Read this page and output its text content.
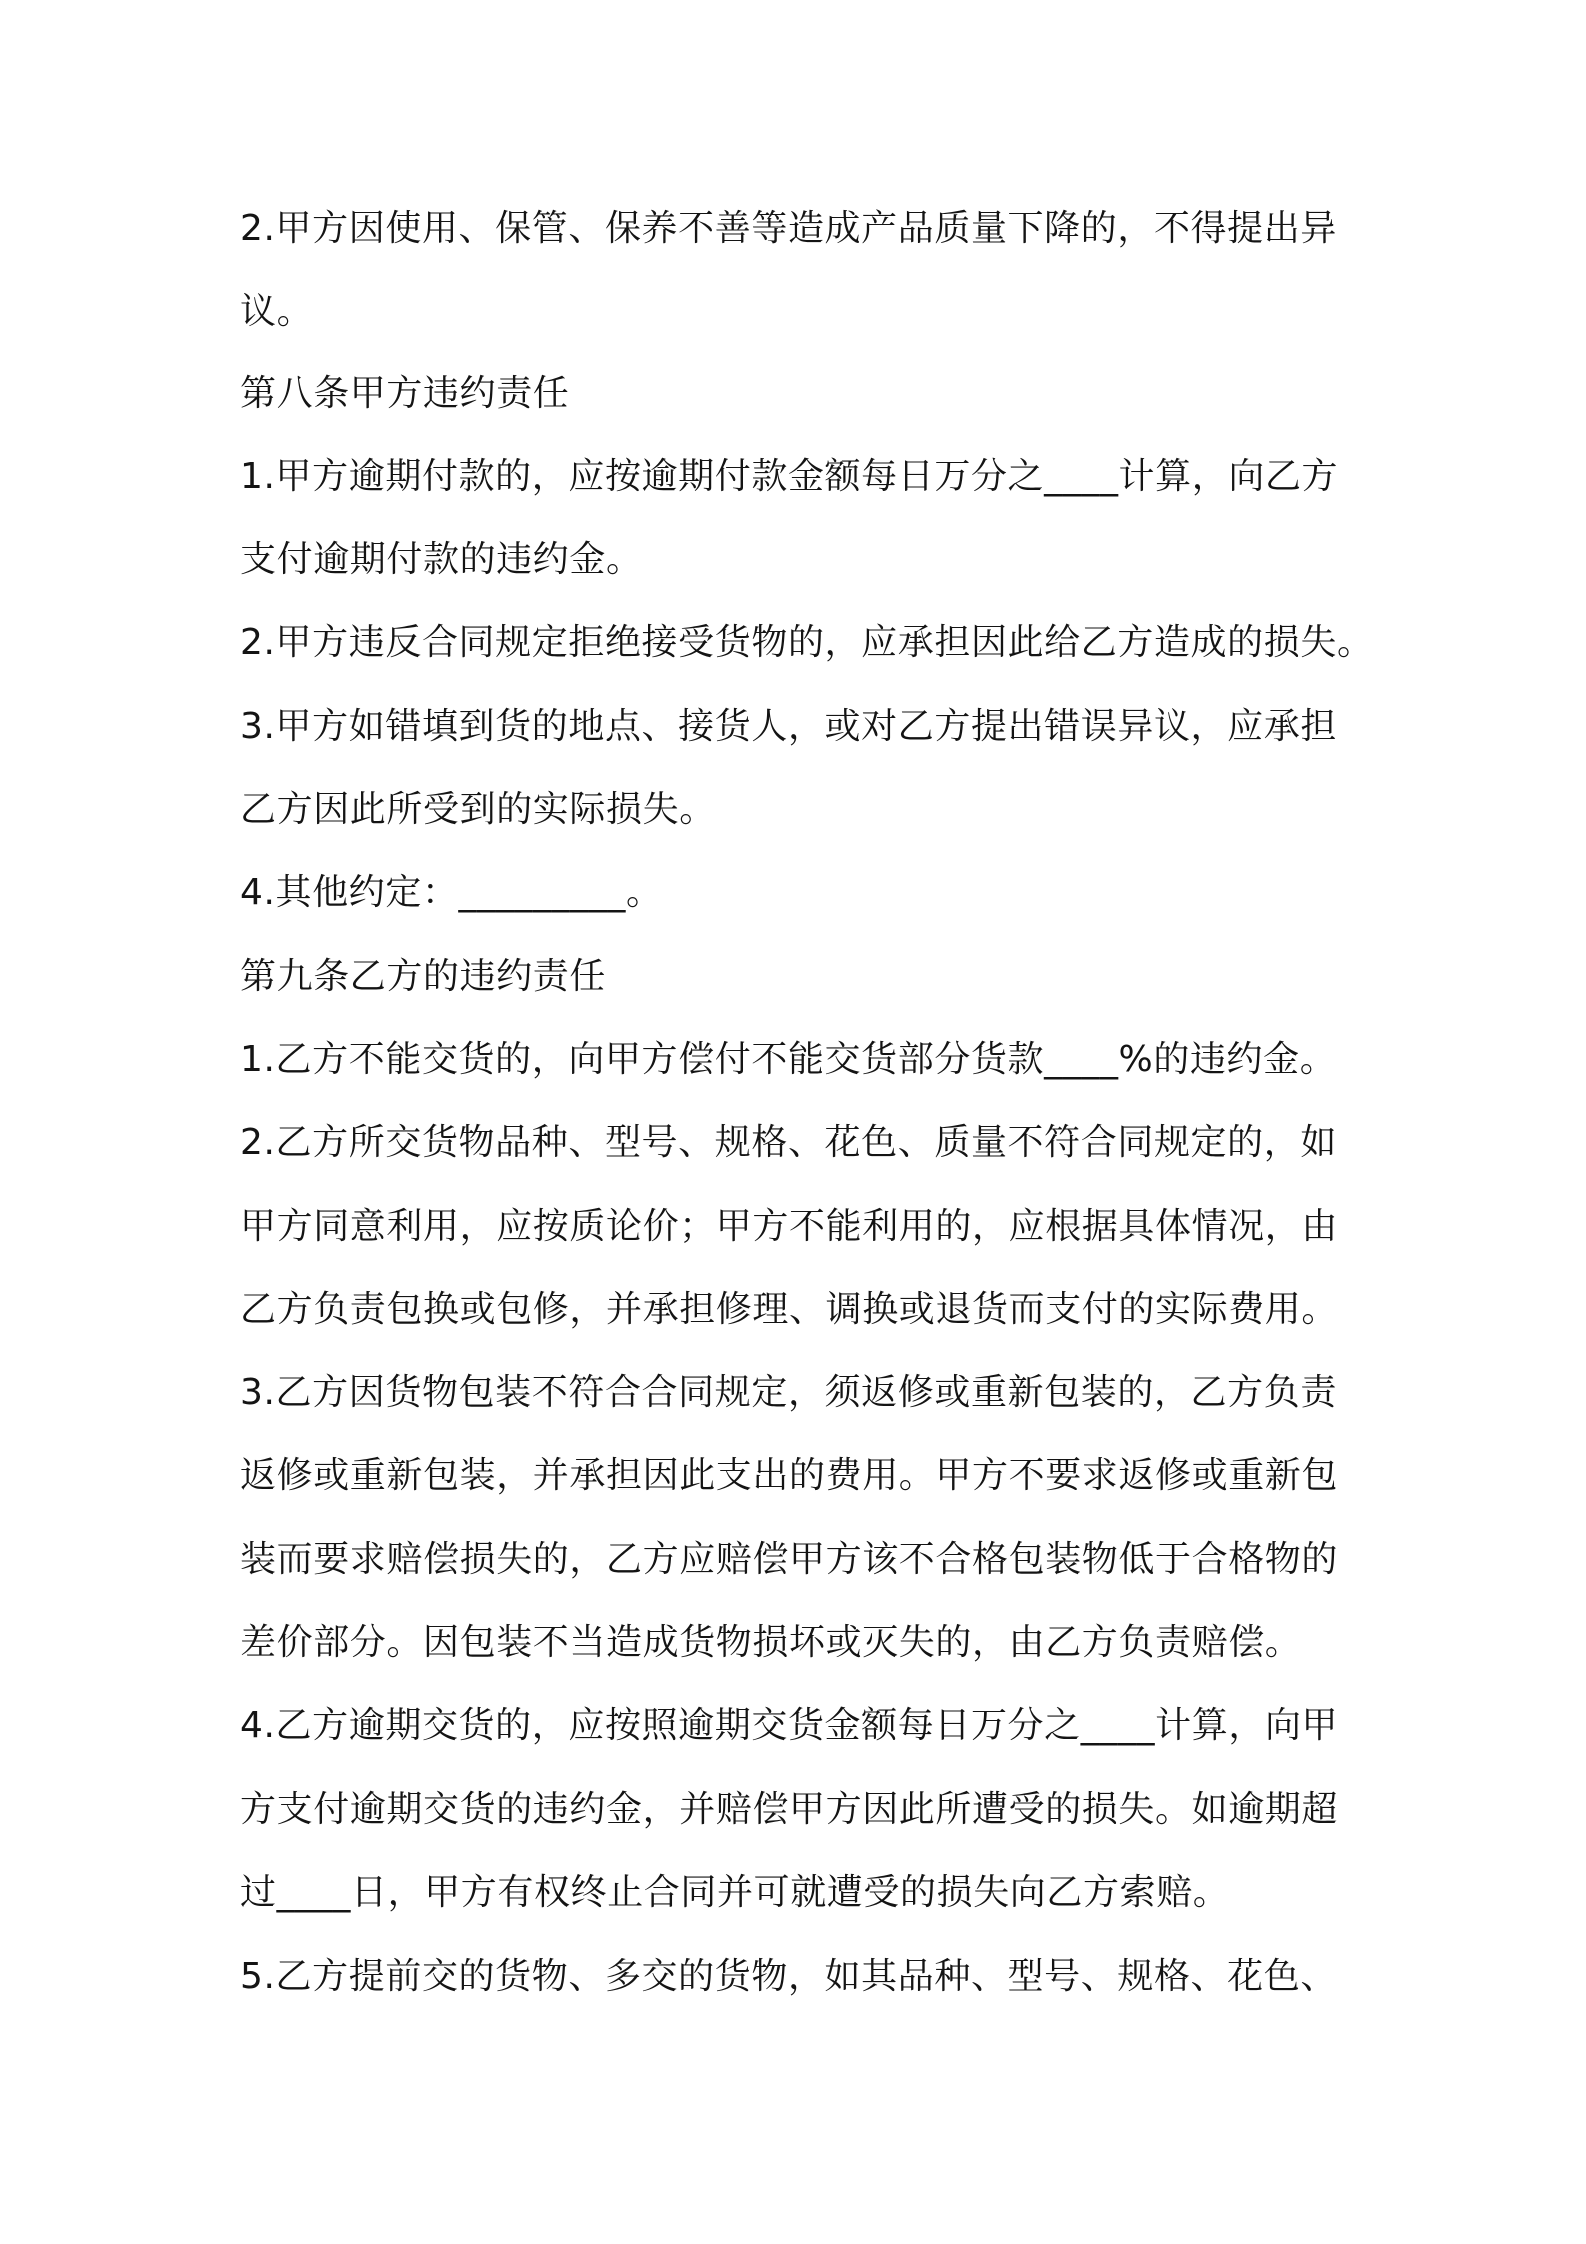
2.甲方因使用、保管、保养不善等造成产品质量下降的，不得提出异
议。
第八条甲方违约责任
1.甲方逾期付款的，应按逾期付款金额每日万分之____计算，向乙方
支付逾期付款的违约金。
2.甲方违反合同规定拒绝接受货物的，应承担因此给乙方造成的损失。
3.甲方如错填到货的地点、接货人，或对乙方提出错误异议，应承担
乙方因此所受到的实际损失。
4.其他约定：_________。
第九条乙方的违约责任
1.乙方不能交货的，向甲方偿付不能交货部分货款____%的违约金。
2.乙方所交货物品种、型号、规格、花色、质量不符合同规定的，如
甲方同意利用，应按质论价；甲方不能利用的，应根据具体情况，由
乙方负责包换或包修，并承担修理、调换或退货而支付的实际费用。
3.乙方因货物包装不符合合同规定，须返修或重新包装的，乙方负责
返修或重新包装，并承担因此支出的费用。甲方不要求返修或重新包
装而要求赔偿损失的，乙方应赔偿甲方该不合格包装物低于合格物的
差价部分。因包装不当造成货物损坏或灭失的，由乙方负责赔偿。
4.乙方逾期交货的，应按照逾期交货金额每日万分之____计算，向甲
方支付逾期交货的违约金，并赔偿甲方因此所遭受的损失。如逾期超
过____日，甲方有权终止合同并可就遭受的损失向乙方索赔。
5.乙方提前交的货物、多交的货物，如其品种、型号、规格、花色、
